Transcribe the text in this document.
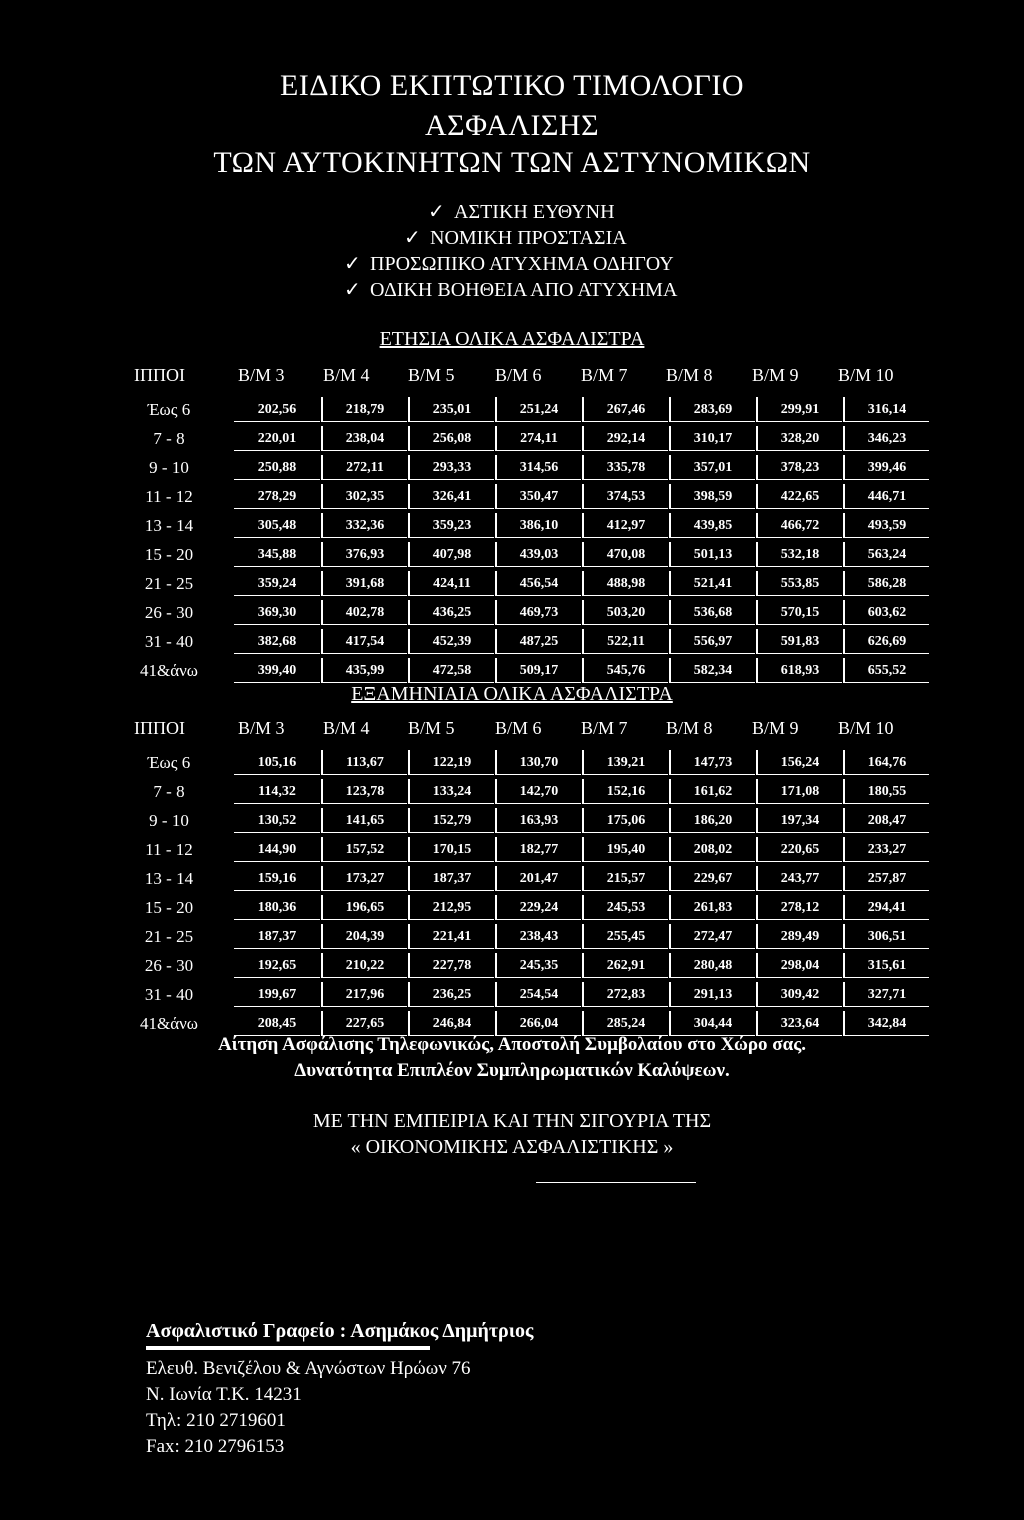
ΕΙΔΙΚΟ ΕΚΠΤΩΤΙΚΟ ΤΙΜΟΛΟΓΙΟ
ΑΣΦΑΛΙΣΗΣ
ΤΩΝ ΑΥΤΟΚΙΝΗΤΩΝ ΤΩΝ ΑΣΤΥΝΟΜΙΚΩΝ
✓ ΑΣΤΙΚΗ ΕΥΘΥΝΗ
✓ ΝΟΜΙΚΗ ΠΡΟΣΤΑΣΙΑ
✓ ΠΡΟΣΩΠΙΚΟ ΑΤΥΧΗΜΑ ΟΔΗΓΟΥ
✓ ΟΔΙΚΗ ΒΟΗΘΕΙΑ ΑΠΟ ΑΤΥΧΗΜΑ
ΕΤΗΣΙΑ ΟΛΙΚΑ ΑΣΦΑΛΙΣΤΡΑ
ΙΠΠΟΙ	Β/Μ 3 Β/Μ 4 Β/Μ 5 Β/Μ 6 Β/Μ 7 Β/Μ 8 Β/Μ 9 Β/Μ 10
Έως 6	202,56	218,79	235,01	251,24	267,46	283,69	299,91	316,14
7 - 8	220,01	238,04	256,08	274,11	292,14	310,17	328,20	346,23
9 - 10	250,88	272,11	293,33	314,56	335,78	357,01	378,23	399,46
11 - 12	278,29	302,35	326,41	350,47	374,53	398,59	422,65	446,71
13 - 14	305,48	332,36	359,23	386,10	412,97	439,85	466,72	493,59
15 - 20	345,88	376,93	407,98	439,03	470,08	501,13	532,18	563,24
21 - 25	359,24	391,68	424,11	456,54	488,98	521,41	553,85	586,28
26 - 30	369,30	402,78	436,25	469,73	503,20	536,68	570,15	603,62
31 - 40	382,68	417,54	452,39	487,25	522,11	556,97	591,83	626,69
41&άνω	399,40	435,99	472,58	509,17	545,76	582,34	618,93	655,52
ΕΞΑΜΗΝΙΑΙΑ ΟΛΙΚΑ ΑΣΦΑΛΙΣΤΡΑ
ΙΠΠΟΙ	Β/Μ 3 Β/Μ 4 Β/Μ 5 Β/Μ 6 Β/Μ 7 Β/Μ 8 Β/Μ 9 Β/Μ 10
Έως 6	105,16	113,67	122,19	130,70	139,21	147,73	156,24	164,76
7 - 8	114,32	123,78	133,24	142,70	152,16	161,62	171,08	180,55
9 - 10	130,52	141,65	152,79	163,93	175,06	186,20	197,34	208,47
11 - 12	144,90	157,52	170,15	182,77	195,40	208,02	220,65	233,27
13 - 14	159,16	173,27	187,37	201,47	215,57	229,67	243,77	257,87
15 - 20	180,36	196,65	212,95	229,24	245,53	261,83	278,12	294,41
21 - 25	187,37	204,39	221,41	238,43	255,45	272,47	289,49	306,51
26 - 30	192,65	210,22	227,78	245,35	262,91	280,48	298,04	315,61
31 - 40	199,67	217,96	236,25	254,54	272,83	291,13	309,42	327,71
41&άνω	208,45	227,65	246,84	266,04	285,24	304,44	323,64	342,84
Αίτηση Ασφάλισης Τηλεφωνικώς, Αποστολή Συμβολαίου στο Χώρο σας.
Δυνατότητα Επιπλέον Συμπληρωματικών Καλύψεων.
ΜΕ ΤΗΝ ΕΜΠΕΙΡΙΑ ΚΑΙ ΤΗΝ ΣΙΓΟΥΡΙΑ ΤΗΣ
« ΟΙΚΟΝΟΜΙΚΗΣ ΑΣΦΑΛΙΣΤΙΚΗΣ »
Ασφαλιστικό Γραφείο : Ασημάκος Δημήτριος
Ελευθ. Βενιζέλου & Αγνώστων Ηρώων 76
Ν. Ιωνία Τ.Κ. 14231
Τηλ: 210 2719601
Fax: 210 2796153
